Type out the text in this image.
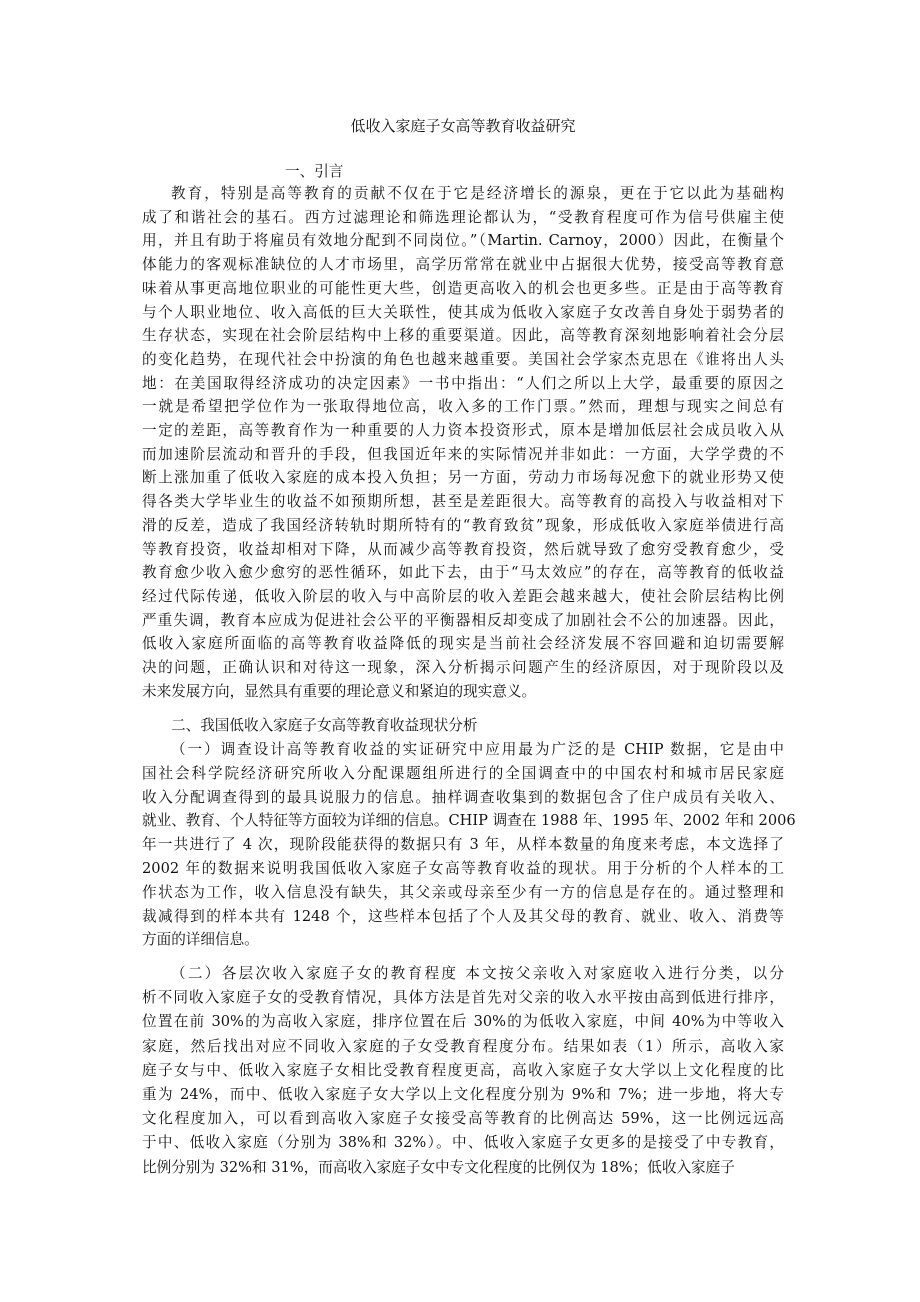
低收入家庭子女高等教育收益研究
一、引言
教育，特别是高等教育的贡献不仅在于它是经济增长的源泉，更在于它以此为基础构
成了和谐社会的基石。西方过滤理论和筛选理论都认为，“受教育程度可作为信号供雇主使
用，并且有助于将雇员有效地分配到不同岗位。”（Martin. Carnoy，2000）因此，在衡量个
体能力的客观标准缺位的人才市场里，高学历常常在就业中占据很大优势，接受高等教育意
味着从事更高地位职业的可能性更大些，创造更高收入的机会也更多些。正是由于高等教育
与个人职业地位、收入高低的巨大关联性，使其成为低收入家庭子女改善自身处于弱势者的
生存状态，实现在社会阶层结构中上移的重要渠道。因此，高等教育深刻地影响着社会分层
的变化趋势，在现代社会中扮演的角色也越来越重要。美国社会学家杰克思在《谁将出人头
地：在美国取得经济成功的决定因素》一书中指出：“人们之所以上大学，最重要的原因之
一就是希望把学位作为一张取得地位高，收入多的工作门票。”然而，理想与现实之间总有
一定的差距，高等教育作为一种重要的人力资本投资形式，原本是增加低层社会成员收入从
而加速阶层流动和晋升的手段，但我国近年来的实际情况并非如此：一方面，大学学费的不
断上涨加重了低收入家庭的成本投入负担；另一方面，劳动力市场每况愈下的就业形势又使
得各类大学毕业生的收益不如预期所想，甚至是差距很大。高等教育的高投入与收益相对下
滑的反差，造成了我国经济转轨时期所特有的“教育致贫”现象，形成低收入家庭举债进行高
等教育投资，收益却相对下降，从而减少高等教育投资，然后就导致了愈穷受教育愈少，受
教育愈少收入愈少愈穷的恶性循环，如此下去，由于“马太效应”的存在，高等教育的低收益
经过代际传递，低收入阶层的收入与中高阶层的收入差距会越来越大，使社会阶层结构比例
严重失调，教育本应成为促进社会公平的平衡器相反却变成了加剧社会不公的加速器。因此，
低收入家庭所面临的高等教育收益降低的现实是当前社会经济发展不容回避和迫切需要解
决的问题，正确认识和对待这一现象，深入分析揭示问题产生的经济原因，对于现阶段以及
未来发展方向，显然具有重要的理论意义和紧迫的现实意义。
二、我国低收入家庭子女高等教育收益现状分析
（一）调查设计高等教育收益的实证研究中应用最为广泛的是 CHIP 数据，它是由中
国社会科学院经济研究所收入分配课题组所进行的全国调查中的中国农村和城市居民家庭
收入分配调查得到的最具说服力的信息。抽样调查收集到的数据包含了住户成员有关收入、
就业、教育、个人特征等方面较为详细的信息。CHIP 调查在 1988 年、1995 年、2002 年和 2006
年一共进行了 4 次，现阶段能获得的数据只有 3 年，从样本数量的角度来考虑，本文选择了
2002 年的数据来说明我国低收入家庭子女高等教育收益的现状。用于分析的个人样本的工
作状态为工作，收入信息没有缺失，其父亲或母亲至少有一方的信息是存在的。通过整理和
裁减得到的样本共有 1248 个，这些样本包括了个人及其父母的教育、就业、收入、消费等
方面的详细信息。
（二）各层次收入家庭子女的教育程度 本文按父亲收入对家庭收入进行分类，以分
析不同收入家庭子女的受教育情况，具体方法是首先对父亲的收入水平按由高到低进行排序，
位置在前 30%的为高收入家庭，排序位置在后 30%的为低收入家庭，中间 40%为中等收入
家庭，然后找出对应不同收入家庭的子女受教育程度分布。结果如表（1）所示，高收入家
庭子女与中、低收入家庭子女相比受教育程度更高，高收入家庭子女大学以上文化程度的比
重为 24%，而中、低收入家庭子女大学以上文化程度分别为 9%和 7%；进一步地，将大专
文化程度加入，可以看到高收入家庭子女接受高等教育的比例高达 59%，这一比例远远高
于中、低收入家庭（分别为 38%和 32%）。中、低收入家庭子女更多的是接受了中专教育，
比例分别为 32%和 31%，而高收入家庭子女中专文化程度的比例仅为 18%；低收入家庭子
